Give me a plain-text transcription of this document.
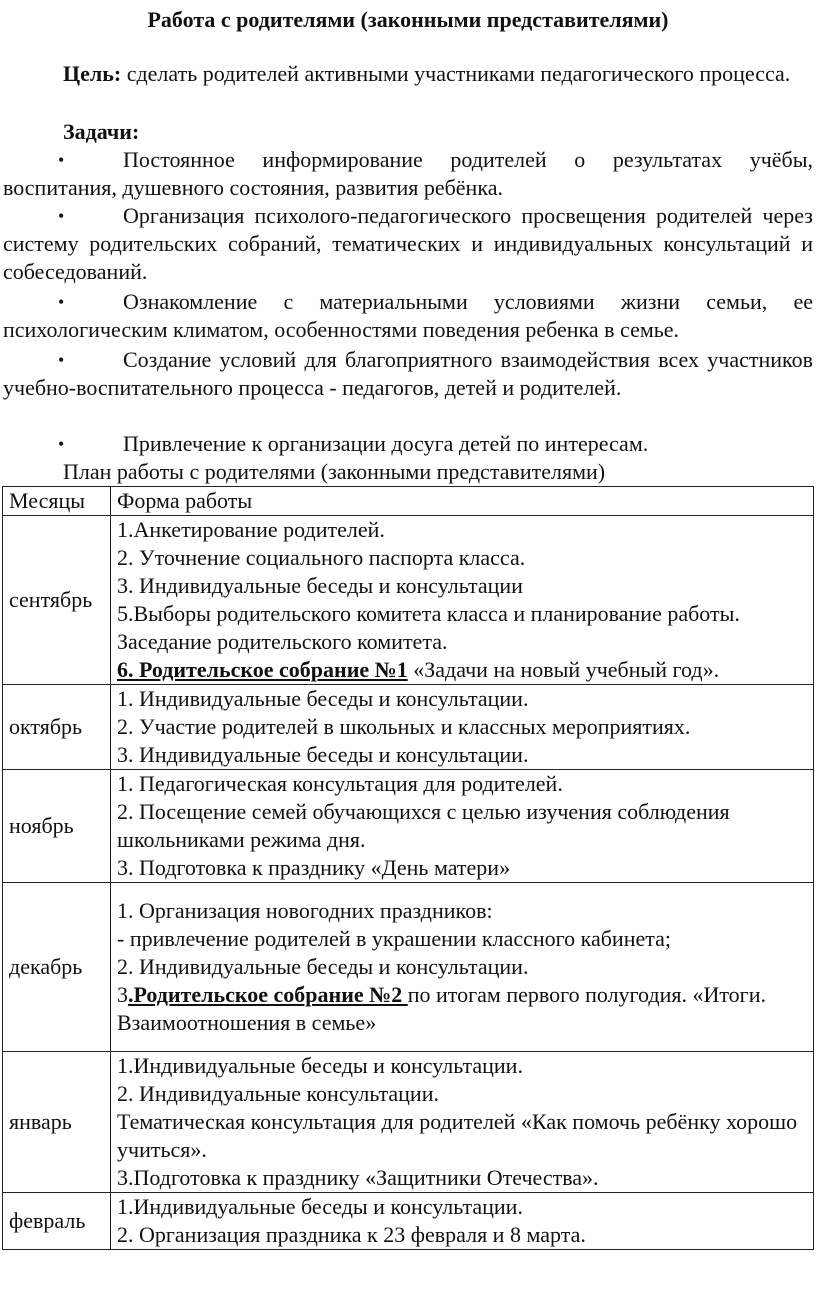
Работа с родителями (законными представителями)
Цель: сделать родителей активными участниками педагогического процесса.
Задачи:
•	Постоянное информирование родителей о результатах учёбы, воспитания, душевного состояния, развития ребёнка.
•	Организация психолого-педагогического просвещения родителей через систему родительских собраний, тематических и индивидуальных консультаций и собеседований.
•	Ознакомление с материальными условиями жизни семьи, ее психологическим климатом, особенностями поведения ребенка в семье.
•	Создание условий для благоприятного взаимодействия всех участников учебно-воспитательного процесса - педагогов, детей и родителей.
•	Привлечение к организации досуга детей по интересам.
План работы с родителями (законными представителями)
Месяцы	Форма работы
сентябрь	1.Анкетирование родителей.
2. Уточнение социального паспорта класса.
3. Индивидуальные беседы и консультации
5.Выборы родительского комитета класса и планирование работы. Заседание родительского комитета.
6. Родительское собрание №1 «Задачи на новый учебный год».

октябрь	1. Индивидуальные беседы и консультации.
2. Участие родителей в школьных и классных мероприятиях.
3. Индивидуальные беседы и консультации.

ноябрь	1. Педагогическая консультация для родителей.
2. Посещение семей обучающихся с целью изучения соблюдения школьниками режима дня.
3. Подготовка к празднику «День матери»

декабрь	1. Организация новогодних праздников:
- привлечение родителей в украшении классного кабинета;
2. Индивидуальные беседы и консультации.
3.Родительское собрание №2 по итогам первого полугодия. «Итоги. Взаимоотношения в семье»

январь	1.Индивидуальные беседы и консультации.
2. Индивидуальные консультации.
Тематическая консультация для родителей «Как помочь ребёнку хорошо учиться».
3.Подготовка к празднику «Защитники Отечества».

февраль	1.Индивидуальные беседы и консультации.
2. Организация праздника к 23 февраля и 8 марта.
